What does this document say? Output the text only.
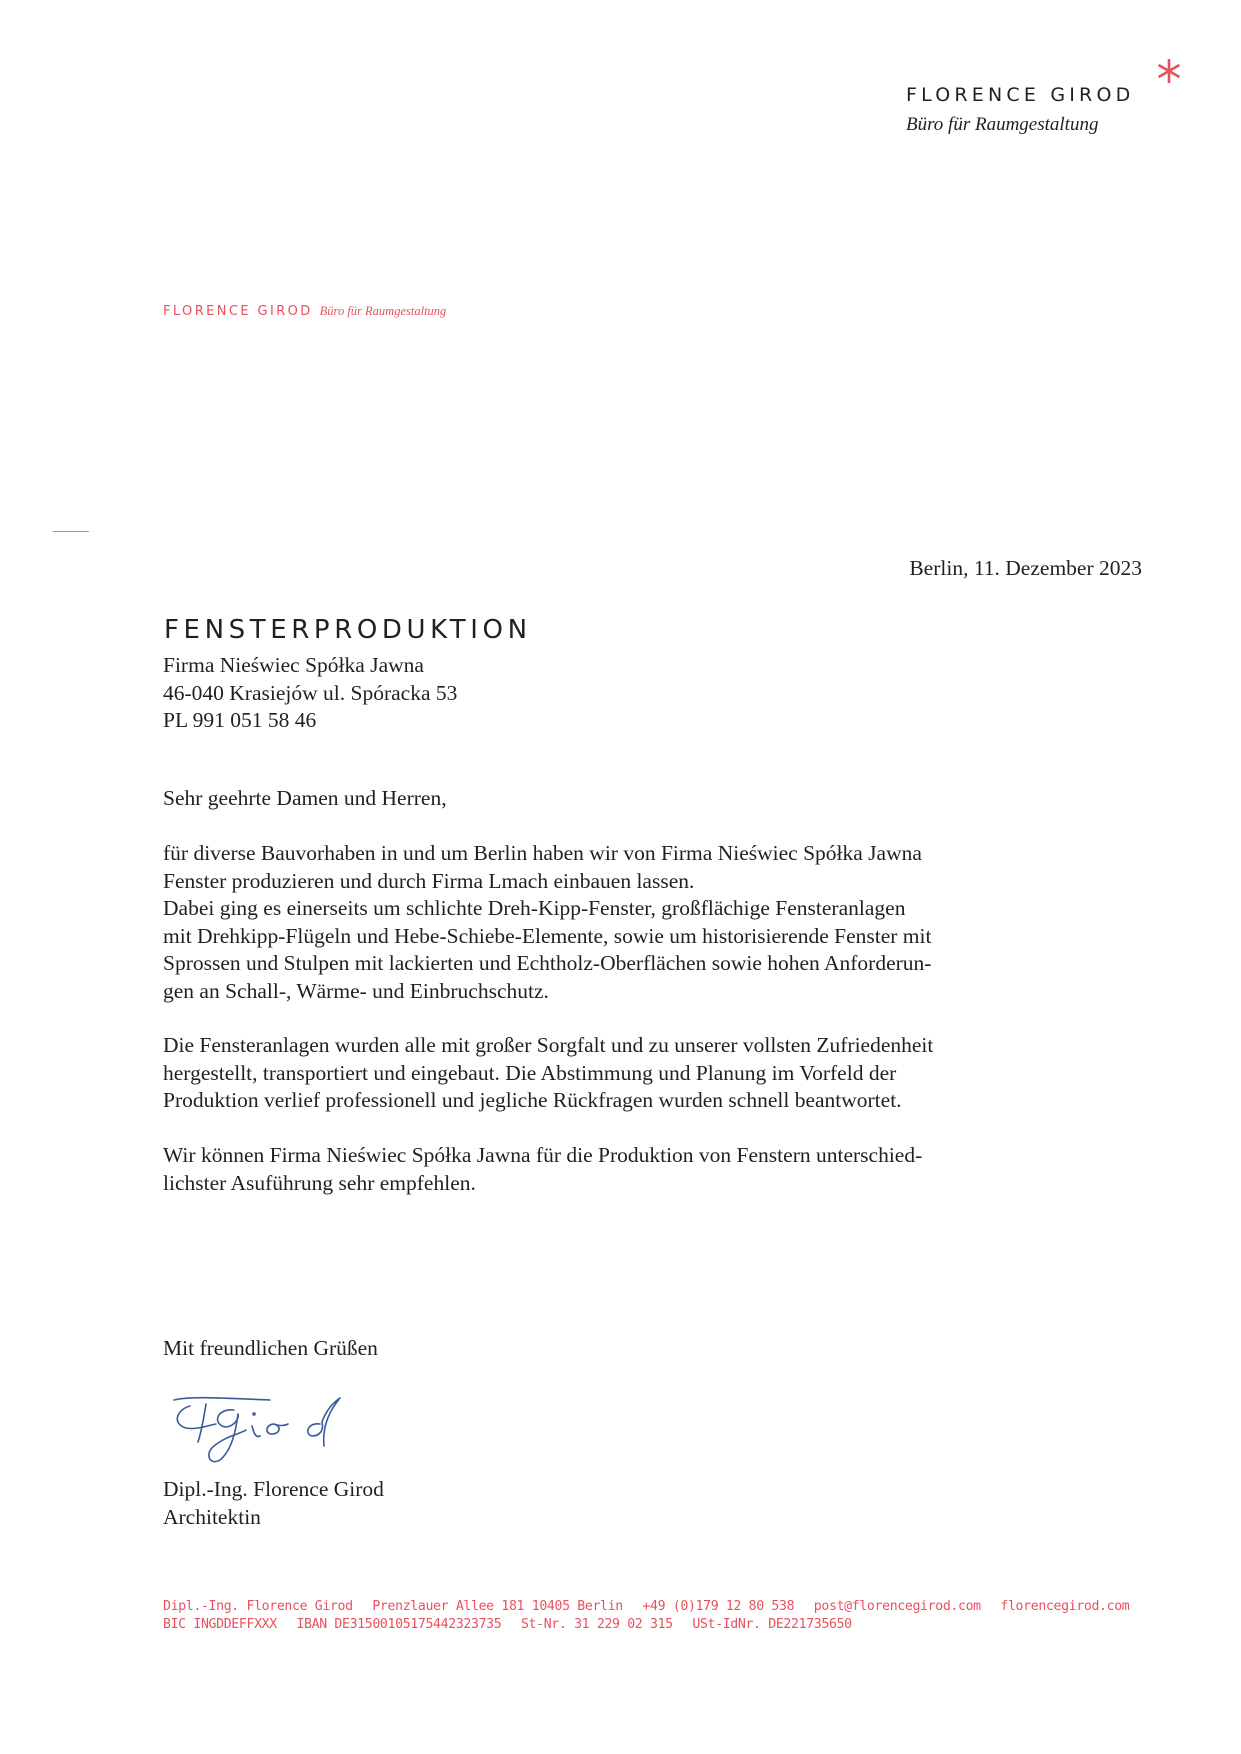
FLORENCE GIROD
Büro für Raumgestaltung
FLORENCE GIROD Büro für Raumgestaltung
Berlin, 11. Dezember 2023
FENSTERPRODUKTION
Firma Nieświec Spółka Jawna
46-040 Krasiejów ul. Spóracka 53
PL 991 051 58 46
Sehr geehrte Damen und Herren,
für diverse Bauvorhaben in und um Berlin haben wir von Firma Nieświec Spółka Jawna
Fenster produzieren und durch Firma Lmach einbauen lassen.
Dabei ging es einerseits um schlichte Dreh-Kipp-Fenster, großflächige Fensteranlagen
mit Drehkipp-Flügeln und Hebe-Schiebe-Elemente, sowie um historisierende Fenster mit
Sprossen und Stulpen mit lackierten und Echtholz-Oberflächen sowie hohen Anforderun-
gen an Schall-, Wärme- und Einbruchschutz.
Die Fensteranlagen wurden alle mit großer Sorgfalt und zu unserer vollsten Zufriedenheit
hergestellt, transportiert und eingebaut. Die Abstimmung und Planung im Vorfeld der
Produktion verlief professionell und jegliche Rückfragen wurden schnell beantwortet.
Wir können Firma Nieświec Spółka Jawna für die Produktion von Fenstern unterschied-
lichster Asuführung sehr empfehlen.
Mit freundlichen Grüßen
Dipl.-Ing. Florence Girod
Architektin
Dipl.-Ing. Florence Girod Prenzlauer Allee 181 10405 Berlin +49 (0)179 12 80 538 post@florencegirod.com florencegirod.com
BIC INGDDEFFXXX IBAN DE31500105175442323735 St-Nr. 31 229 02 315 USt-IdNr. DE221735650
